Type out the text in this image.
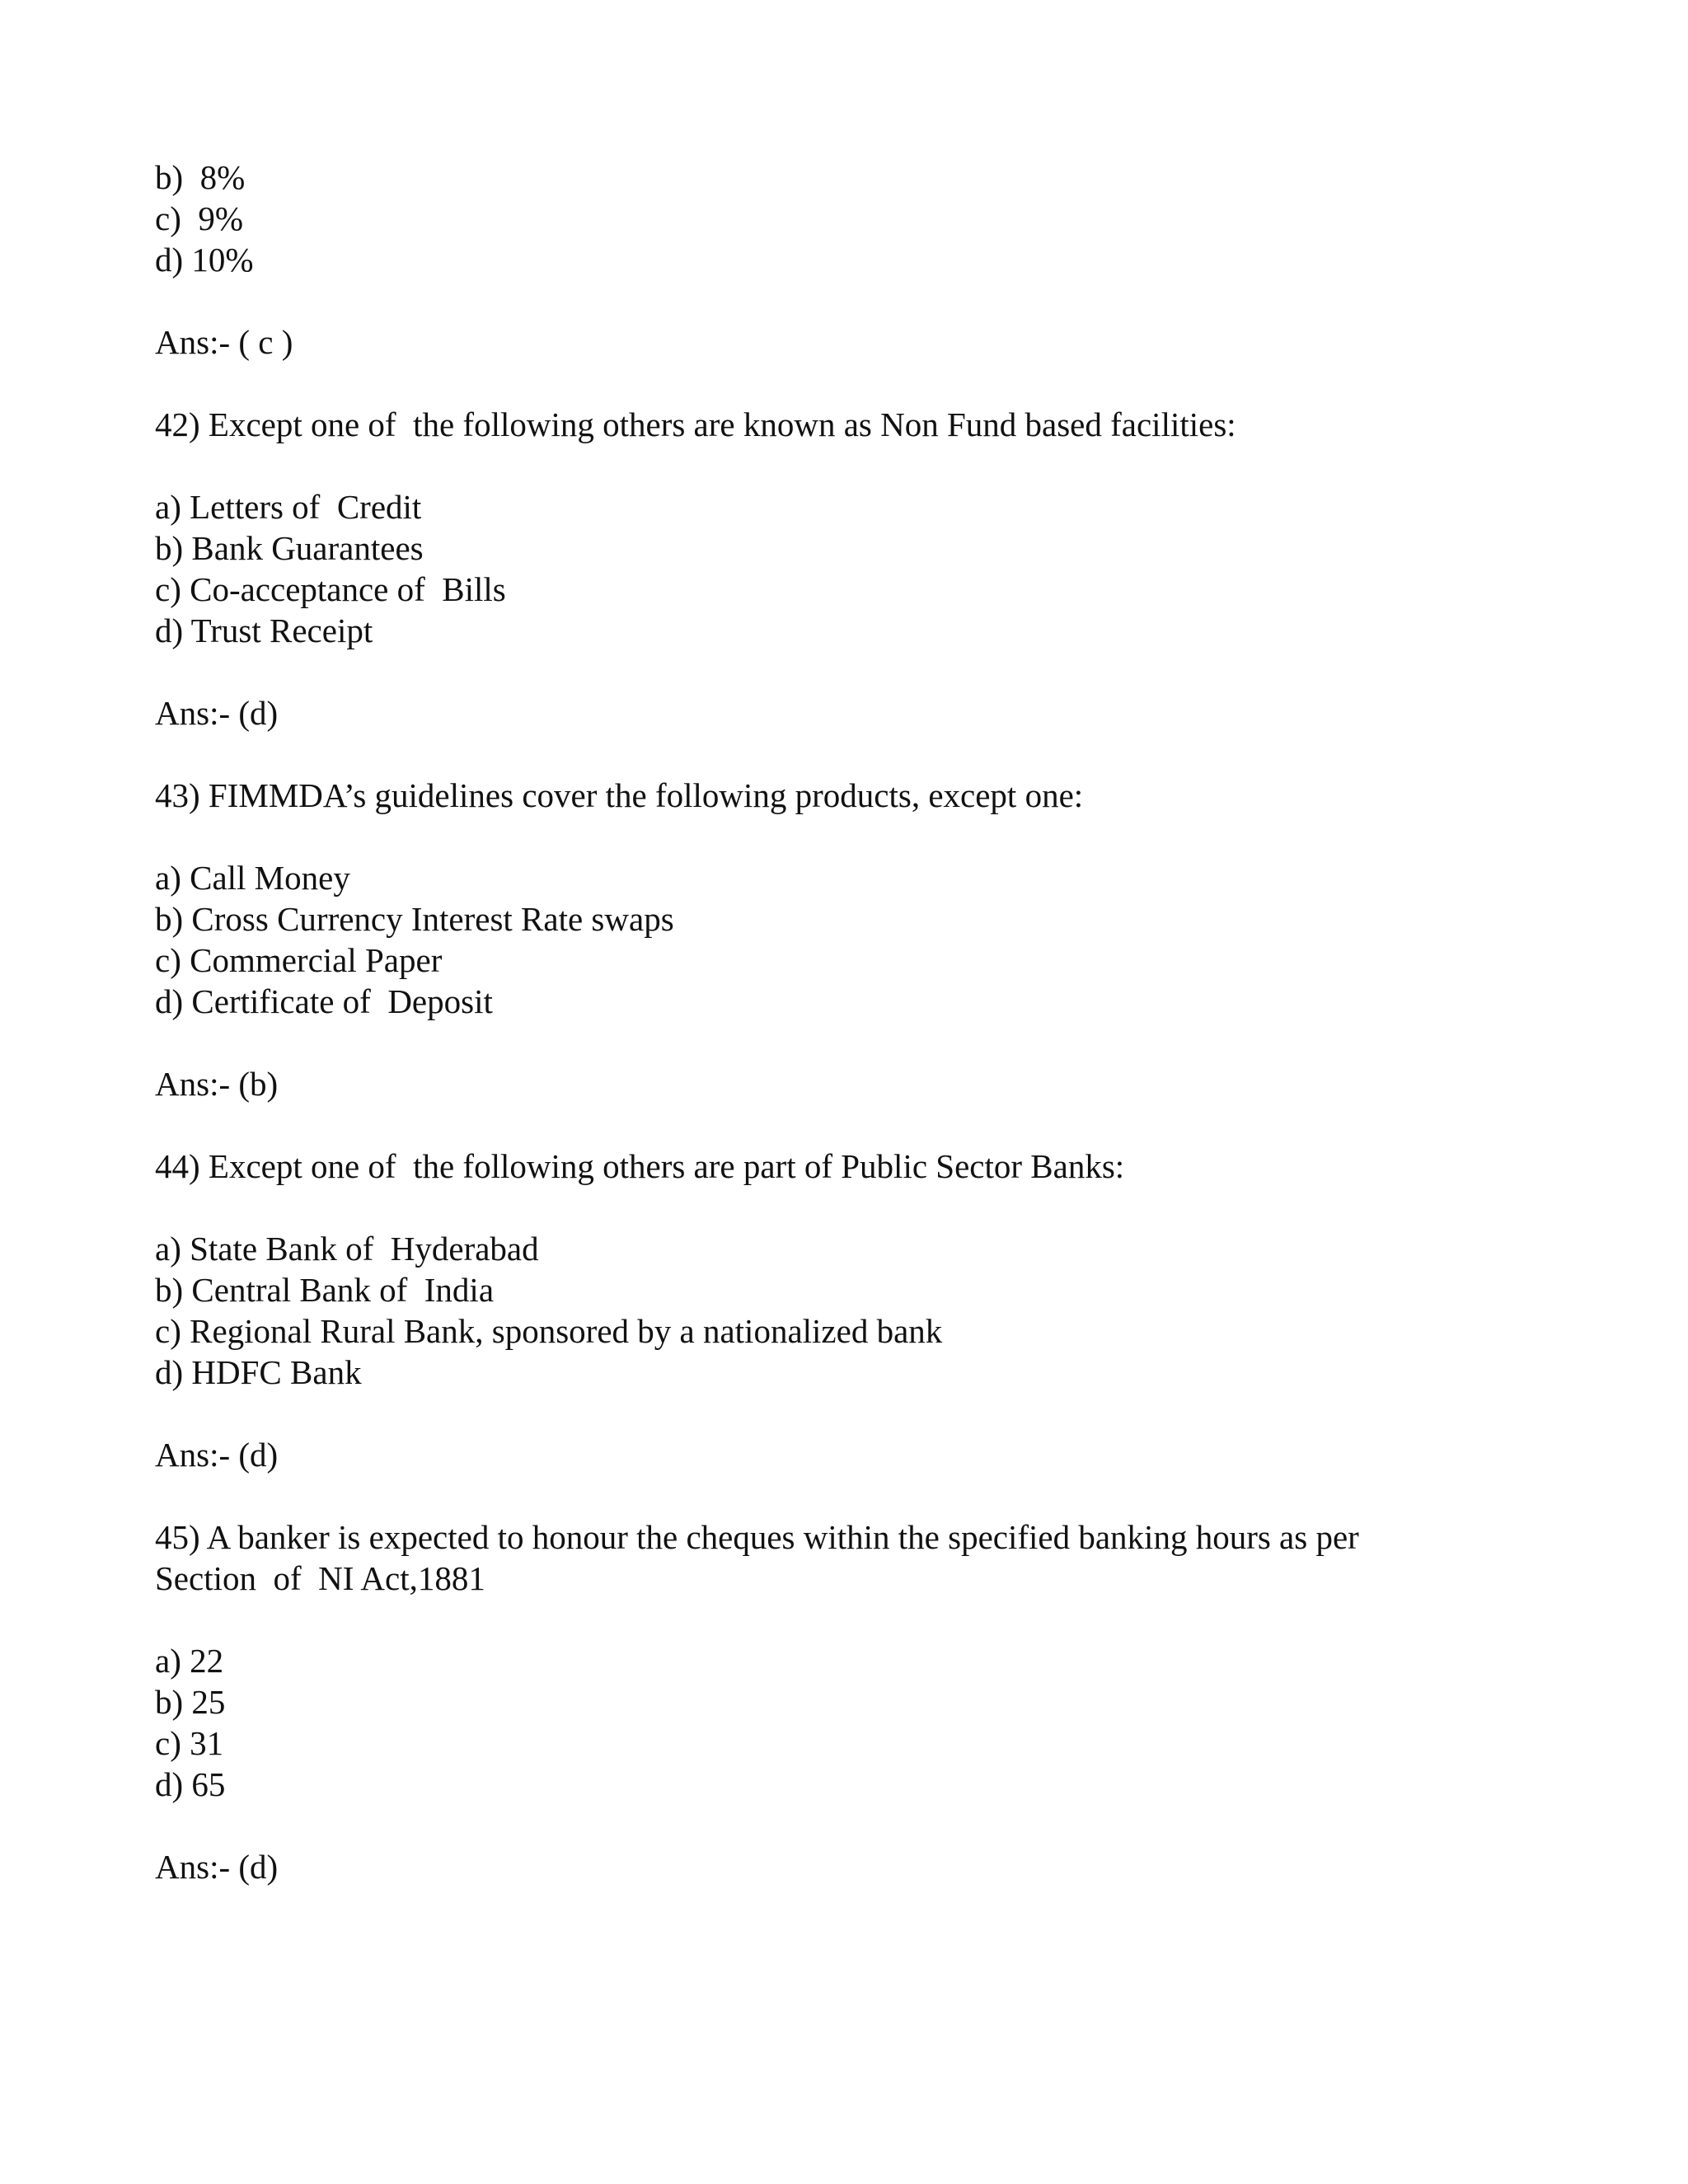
b)  8%
c)  9%
d) 10%
Ans:- ( c )
42) Except one of  the following others are known as Non Fund based facilities:
a) Letters of  Credit
b) Bank Guarantees
c) Co-acceptance of  Bills
d) Trust Receipt
Ans:- (d)
43) FIMMDA’s guidelines cover the following products, except one:
a) Call Money
b) Cross Currency Interest Rate swaps
c) Commercial Paper
d) Certificate of  Deposit
Ans:- (b)
44) Except one of  the following others are part of Public Sector Banks:
a) State Bank of  Hyderabad
b) Central Bank of  India
c) Regional Rural Bank, sponsored by a nationalized bank
d) HDFC Bank
Ans:- (d)
45) A banker is expected to honour the cheques within the specified banking hours as per
Section  of  NI Act,1881
a) 22
b) 25
c) 31
d) 65
Ans:- (d)
